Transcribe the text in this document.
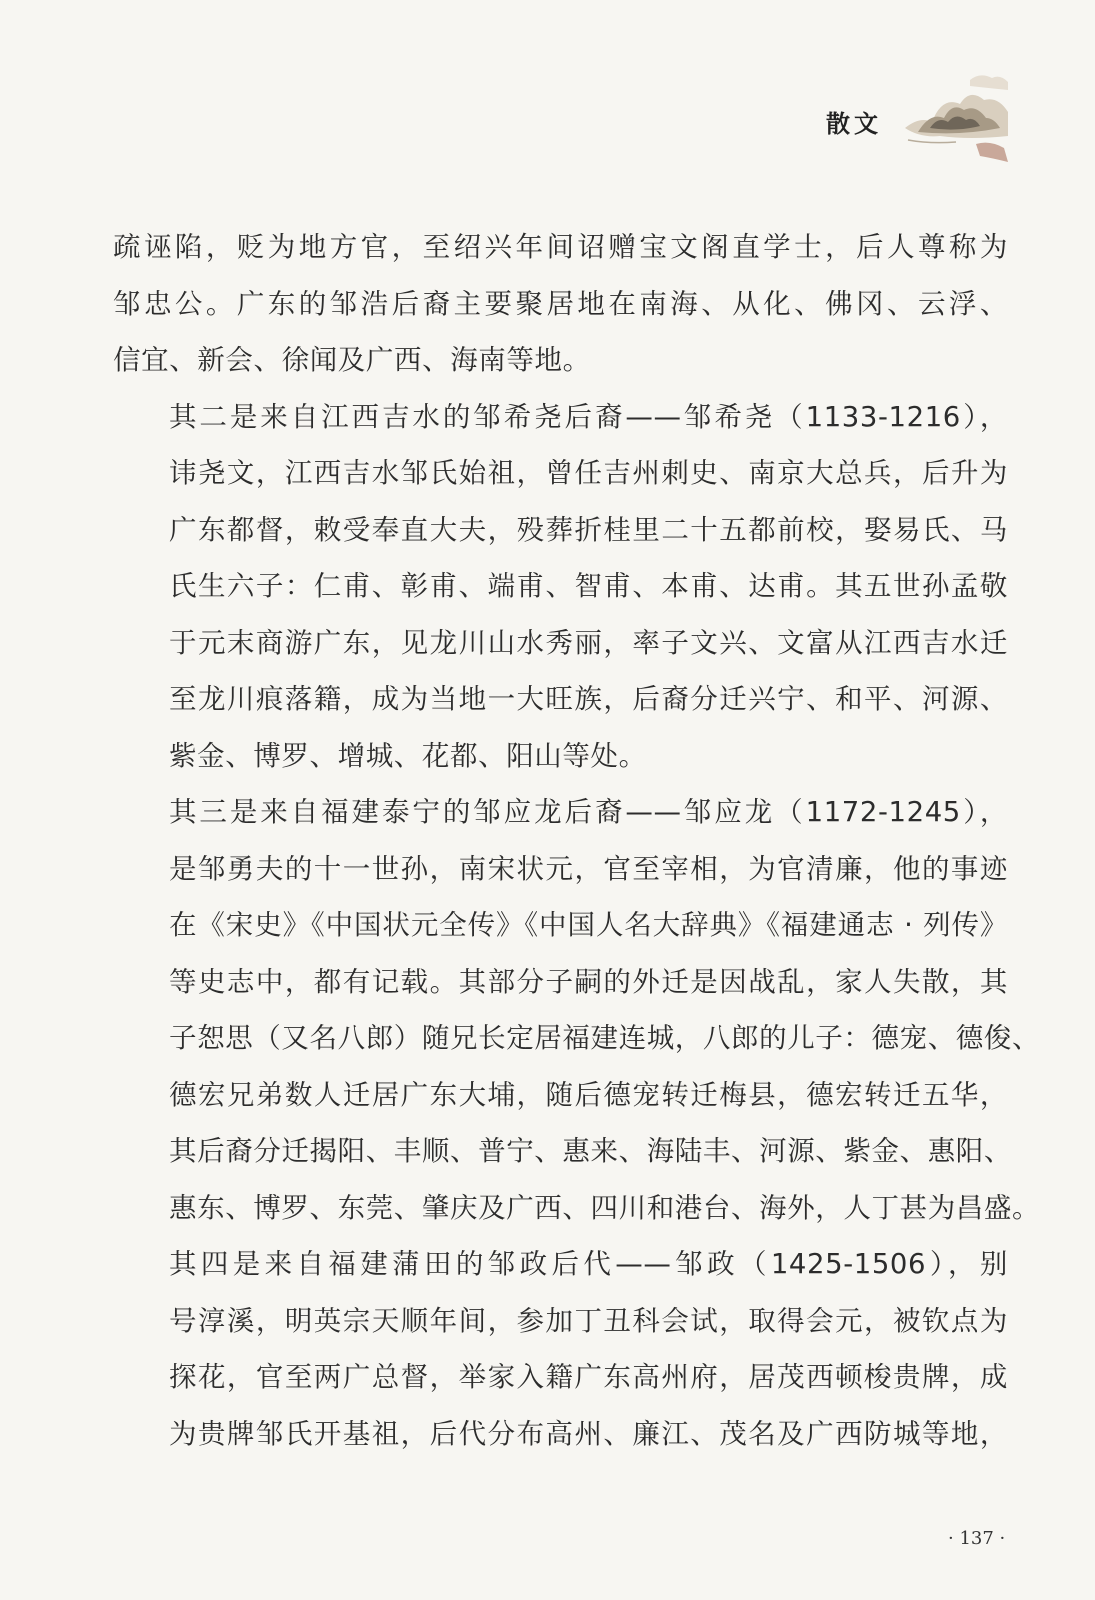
散文

疏诬陷，贬为地方官，至绍兴年间诏赠宝文阁直学士，后人尊称为
邹忠公。广东的邹浩后裔主要聚居地在南海、从化、佛冈、云浮、
信宜、新会、徐闻及广西、海南等地。

其二是来自江西吉水的邹希尧后裔——邹希尧（1133-1216），
讳尧文，江西吉水邹氏始祖，曾任吉州刺史、南京大总兵，后升为
广东都督，敕受奉直大夫，殁葬折桂里二十五都前校，娶易氏、马
氏生六子：仁甫、彰甫、端甫、智甫、本甫、达甫。其五世孙孟敬
于元末商游广东，见龙川山水秀丽，率子文兴、文富从江西吉水迁
至龙川痕落籍，成为当地一大旺族，后裔分迁兴宁、和平、河源、
紫金、博罗、增城、花都、阳山等处。

其三是来自福建泰宁的邹应龙后裔——邹应龙（1172-1245），
是邹勇夫的十一世孙，南宋状元，官至宰相，为官清廉，他的事迹
在《宋史》《中国状元全传》《中国人名大辞典》《福建通志 · 列传》
等史志中，都有记载。其部分子嗣的外迁是因战乱，家人失散，其
子恕思（又名八郎）随兄长定居福建连城，八郎的儿子：德宠、德俊、
德宏兄弟数人迁居广东大埔，随后德宠转迁梅县，德宏转迁五华，
其后裔分迁揭阳、丰顺、普宁、惠来、海陆丰、河源、紫金、惠阳、
惠东、博罗、东莞、肇庆及广西、四川和港台、海外，人丁甚为昌盛。

其四是来自福建蒲田的邹政后代——邹政（1425-1506），别
号淳溪，明英宗天顺年间，参加丁丑科会试，取得会元，被钦点为
探花，官至两广总督，举家入籍广东高州府，居茂西顿梭贵牌，成
为贵牌邹氏开基祖，后代分布高州、廉江、茂名及广西防城等地，

· 137 ·
